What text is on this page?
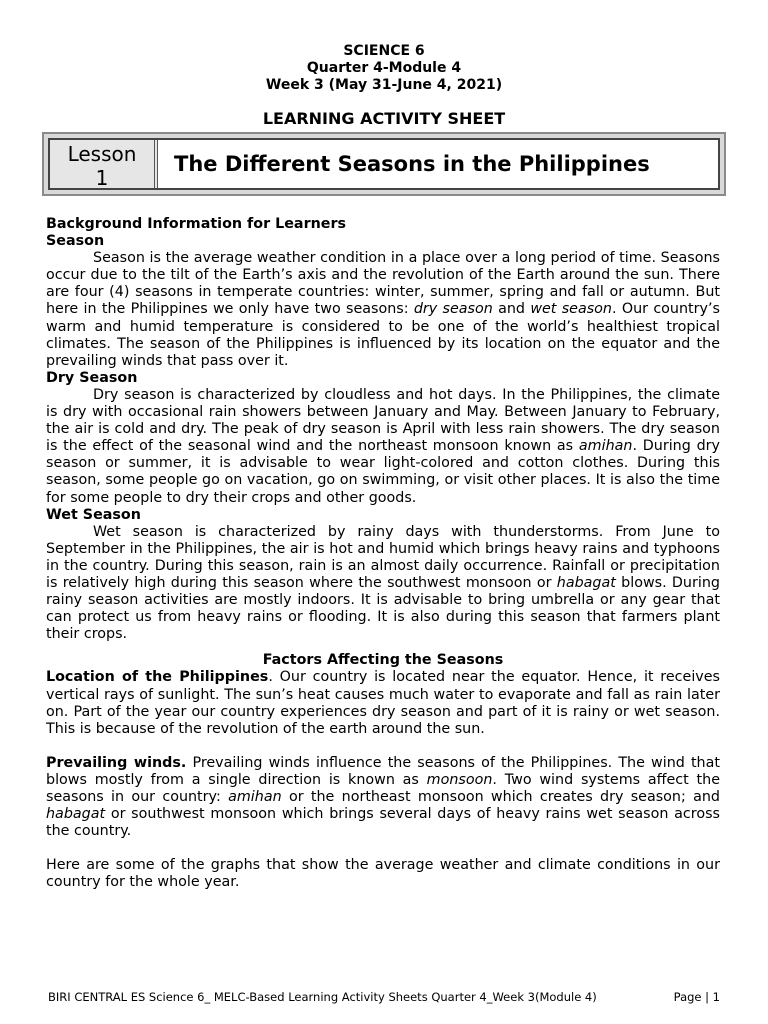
SCIENCE 6
Quarter 4-Module 4
Week 3 (May 31-June 4, 2021)
LEARNING ACTIVITY SHEET
Lesson
1
The Different Seasons in the Philippines
Background Information for Learners
Season

Season is the average weather condition in a place over a long period of time. Seasons occur due to the tilt of the Earth’s axis and the revolution of the Earth around the sun. There are four (4) seasons in temperate countries: winter, summer, spring and fall or autumn. But here in the Philippines we only have two seasons: dry season and wet season. Our country’s warm and humid temperature is considered to be one of the world’s healthiest tropical climates. The season of the Philippines is influenced by its location on the equator and the prevailing winds that pass over it.

Dry Season

Dry season is characterized by cloudless and hot days. In the Philippines, the climate is dry with occasional rain showers between January and May. Between January to February, the air is cold and dry. The peak of dry season is April with less rain showers. The dry season is the effect of the seasonal wind and the northeast monsoon known as amihan. During dry season or summer, it is advisable to wear light-colored and cotton clothes. During this season, some people go on vacation, go on swimming, or visit other places. It is also the time for some people to dry their crops and other goods.

Wet Season

Wet season is characterized by rainy days with thunderstorms. From June to September in the Philippines, the air is hot and humid which brings heavy rains and typhoons in the country. During this season, rain is an almost daily occurrence. Rainfall or precipitation is relatively high during this season where the southwest monsoon or habagat blows. During rainy season activities are mostly indoors. It is advisable to bring umbrella or any gear that can protect us from heavy rains or flooding. It is also during this season that farmers plant their crops.

Factors Affecting the Seasons

Location of the Philippines. Our country is located near the equator. Hence, it receives vertical rays of sunlight. The sun’s heat causes much water to evaporate and fall as rain later on. Part of the year our country experiences dry season and part of it is rainy or wet season. This is because of the revolution of the earth around the sun.

Prevailing winds. Prevailing winds influence the seasons of the Philippines. The wind that blows mostly from a single direction is known as monsoon. Two wind systems affect the seasons in our country: amihan or the northeast monsoon which creates dry season; and habagat or southwest monsoon which brings several days of heavy rains wet season across the country.

Here are some of the graphs that show the average weather and climate conditions in our country for the whole year.

BIRI CENTRAL ES Science 6_ MELC-Based Learning Activity Sheets Quarter 4_Week 3(Module 4)	Page | 1
